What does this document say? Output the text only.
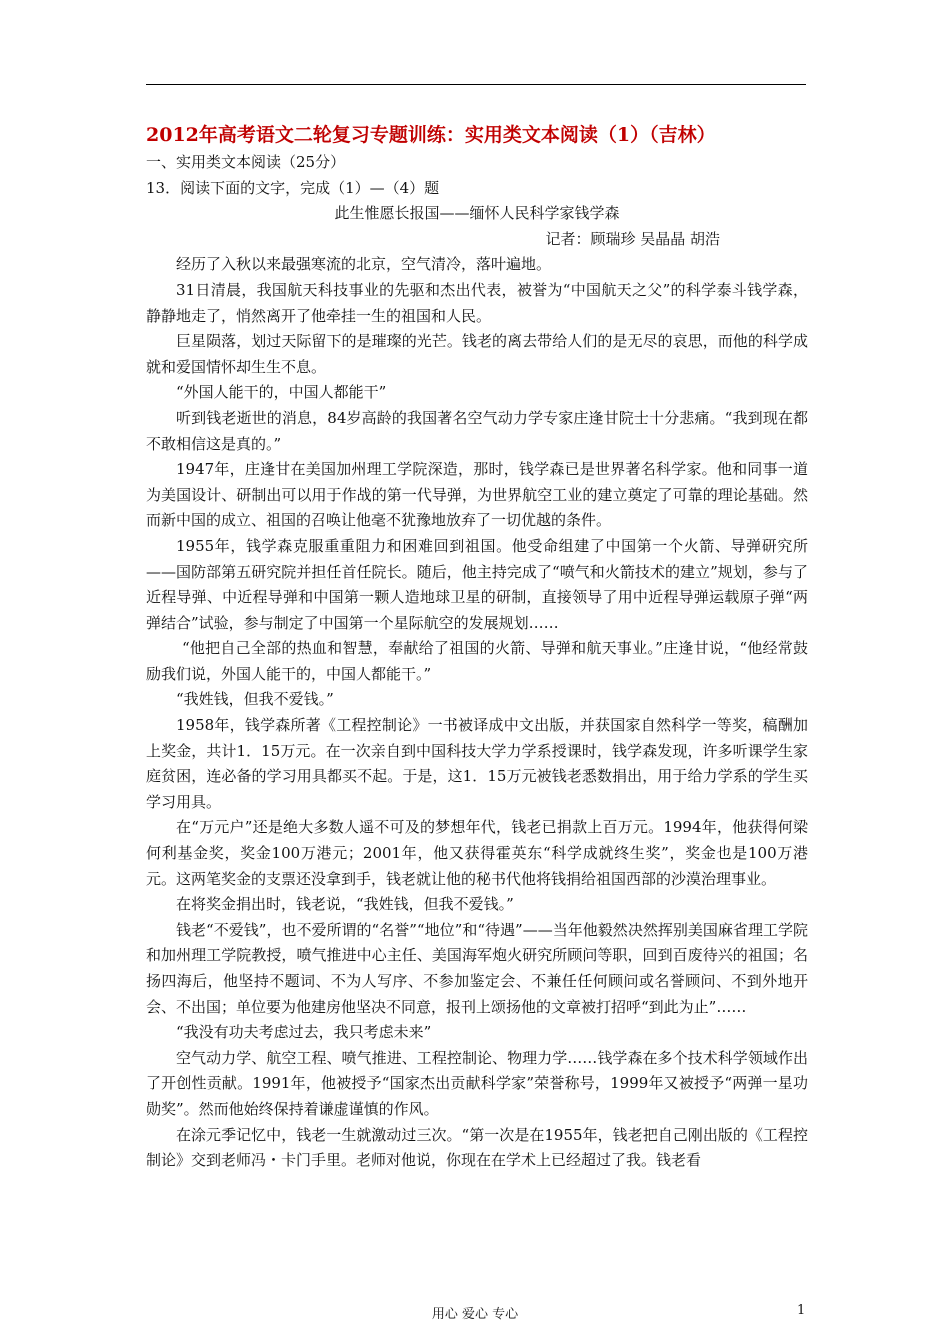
2012年高考语文二轮复习专题训练：实用类文本阅读（1）（吉林）

一、实用类文本阅读（25分）

13．阅读下面的文字，完成（1）—（4）题

此生惟愿长报国——缅怀人民科学家钱学森

记者：顾瑞珍 吴晶晶 胡浩

经历了入秋以来最强寒流的北京，空气清冷，落叶遍地。

31日清晨，我国航天科技事业的先驱和杰出代表，被誉为“中国航天之父”的科学泰斗钱学森，静静地走了，悄然离开了他牵挂一生的祖国和人民。

巨星陨落，划过天际留下的是璀璨的光芒。钱老的离去带给人们的是无尽的哀思，而他的科学成就和爱国情怀却生生不息。

“外国人能干的，中国人都能干”

听到钱老逝世的消息，84岁高龄的我国著名空气动力学专家庄逢甘院士十分悲痛。“我到现在都不敢相信这是真的。”

1947年，庄逢甘在美国加州理工学院深造，那时，钱学森已是世界著名科学家。他和同事一道为美国设计、研制出可以用于作战的第一代导弹，为世界航空工业的建立奠定了可靠的理论基础。然而新中国的成立、祖国的召唤让他毫不犹豫地放弃了一切优越的条件。

1955年，钱学森克服重重阻力和困难回到祖国。他受命组建了中国第一个火箭、导弹研究所——国防部第五研究院并担任首任院长。随后，他主持完成了“喷气和火箭技术的建立”规划，参与了近程导弹、中近程导弹和中国第一颗人造地球卫星的研制，直接领导了用中近程导弹运载原子弹“两弹结合”试验，参与制定了中国第一个星际航空的发展规划……

“他把自己全部的热血和智慧，奉献给了祖国的火箭、导弹和航天事业。”庄逢甘说，“他经常鼓励我们说，外国人能干的，中国人都能干。”

“我姓钱，但我不爱钱。”

1958年，钱学森所著《工程控制论》一书被译成中文出版，并获国家自然科学一等奖，稿酬加上奖金，共计1．15万元。在一次亲自到中国科技大学力学系授课时，钱学森发现，许多听课学生家庭贫困，连必备的学习用具都买不起。于是，这1．15万元被钱老悉数捐出，用于给力学系的学生买学习用具。

在“万元户”还是绝大多数人遥不可及的梦想年代，钱老已捐款上百万元。1994年，他获得何梁何利基金奖，奖金100万港元；2001年，他又获得霍英东“科学成就终生奖”，奖金也是100万港元。这两笔奖金的支票还没拿到手，钱老就让他的秘书代他将钱捐给祖国西部的沙漠治理事业。

在将奖金捐出时，钱老说，“我姓钱，但我不爱钱。”

钱老“不爱钱”，也不爱所谓的“名誉”“地位”和“待遇”——当年他毅然决然挥别美国麻省理工学院和加州理工学院教授，喷气推进中心主任、美国海军炮火研究所顾问等职，回到百废待兴的祖国；名扬四海后，他坚持不题词、不为人写序、不参加鉴定会、不兼任任何顾问或名誉顾问、不到外地开会、不出国；单位要为他建房他坚决不同意，报刊上颂扬他的文章被打招呼“到此为止”……

“我没有功夫考虑过去，我只考虑未来”

空气动力学、航空工程、喷气推进、工程控制论、物理力学……钱学森在多个技术科学领域作出了开创性贡献。1991年，他被授予“国家杰出贡献科学家”荣誉称号，1999年又被授予“两弹一星功勋奖”。然而他始终保持着谦虚谨慎的作风。

在涂元季记忆中，钱老一生就激动过三次。“第一次是在1955年，钱老把自己刚出版的《工程控制论》交到老师冯・卡门手里。老师对他说，你现在在学术上已经超过了我。钱老看

用心 爱心 专心	1
